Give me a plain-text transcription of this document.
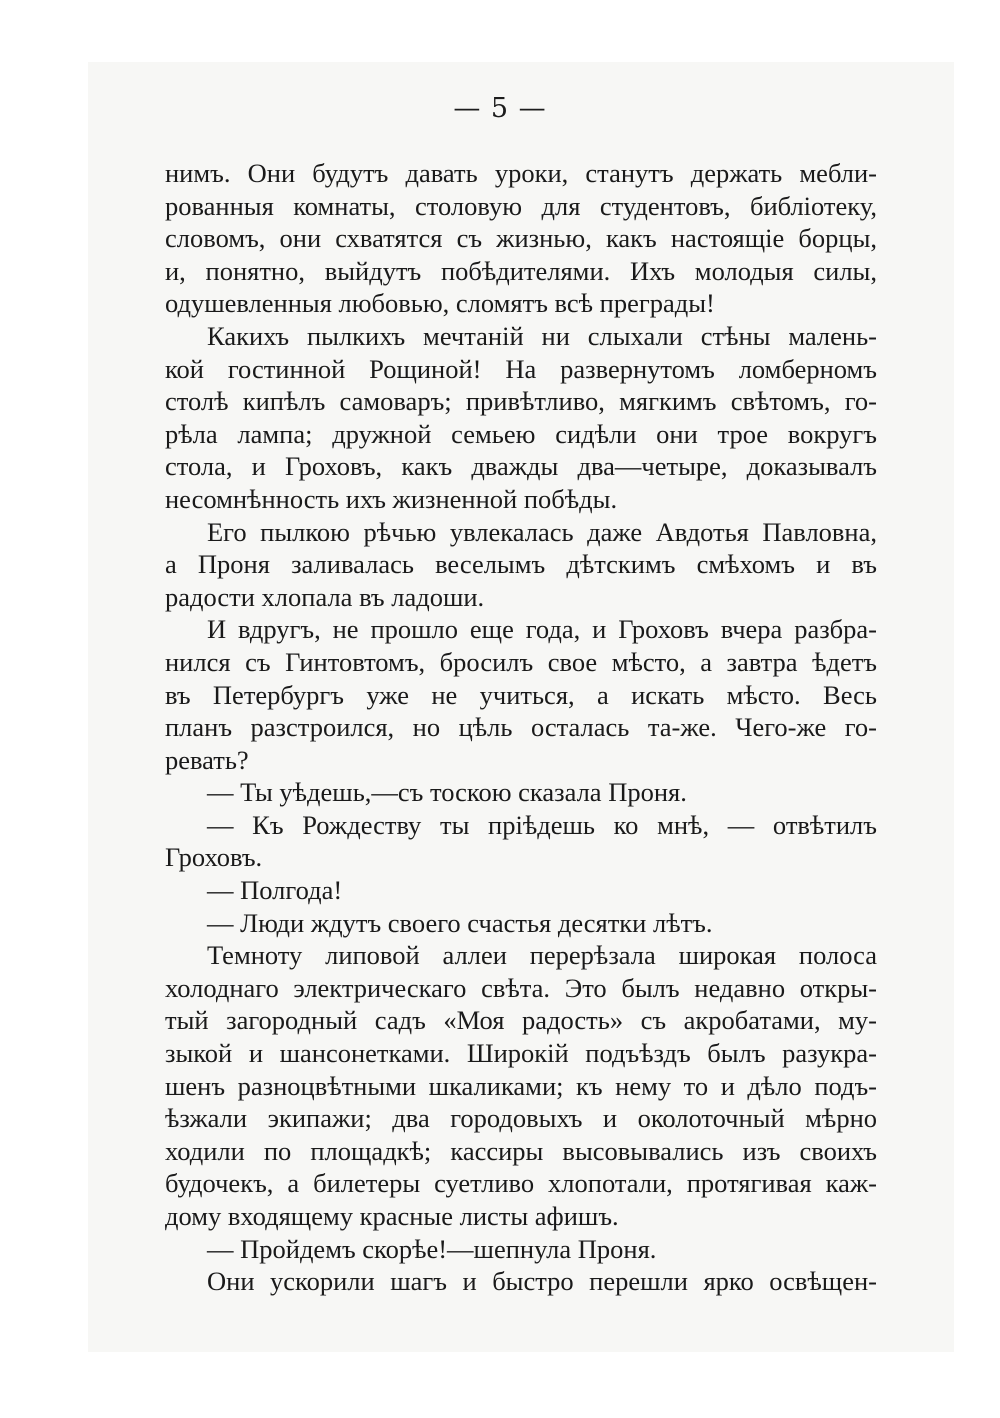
— 5 —
нимъ. Они будутъ давать уроки, станутъ держать мебли-
рованныя комнаты, столовую для студентовъ, библіотеку,
словомъ, они схватятся съ жизнью, какъ настоящіе борцы,
и, понятно, выйдутъ побѣдителями. Ихъ молодыя силы,
одушевленныя любовью, сломятъ всѣ преграды!
Какихъ пылкихъ мечтаній ни слыхали стѣны малень-
кой гостинной Рощиной! На развернутомъ ломберномъ
столѣ кипѣлъ самоваръ; привѣтливо, мягкимъ свѣтомъ, го-
рѣла лампа; дружной семьею сидѣли они трое вокругъ
стола, и Гроховъ, какъ дважды два—четыре, доказывалъ
несомнѣнность ихъ жизненной побѣды.
Его пылкою рѣчью увлекалась даже Авдотья Павловна,
а Проня заливалась веселымъ дѣтскимъ смѣхомъ и въ
радости хлопала въ ладоши.
И вдругъ, не прошло еще года, и Гроховъ вчера разбра-
нился съ Гинтовтомъ, бросилъ свое мѣсто, а завтра ѣдетъ
въ Петербургъ уже не учиться, а искать мѣсто. Весь
планъ разстроился, но цѣль осталась та-же. Чего-же го-
ревать?
— Ты уѣдешь,—съ тоскою сказала Проня.
— Къ Рождеству ты пріѣдешь ко мнѣ, — отвѣтилъ
Гроховъ.
— Полгода!
— Люди ждутъ своего счастья десятки лѣтъ.
Темноту липовой аллеи перерѣзала широкая полоса
холоднаго электрическаго свѣта. Это былъ недавно откры-
тый загородный садъ «Моя радость» съ акробатами, му-
зыкой и шансонетками. Широкій подъѣздъ былъ разукра-
шенъ разноцвѣтными шкаликами; къ нему то и дѣло подъ-
ѣзжали экипажи; два городовыхъ и околоточный мѣрно
ходили по площадкѣ; кассиры высовывались изъ своихъ
будочекъ, а билетеры суетливо хлопотали, протягивая каж-
дому входящему красные листы афишъ.
— Пройдемъ скорѣе!—шепнула Проня.
Они ускорили шагъ и быстро перешли ярко освѣщен-
